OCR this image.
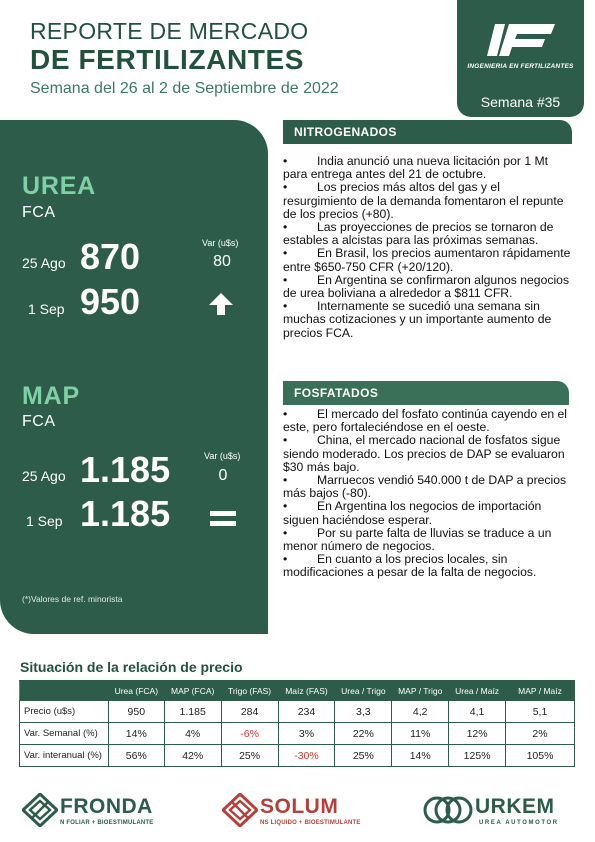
REPORTE DE MERCADO
DE FERTILIZANTES
Semana del 26 al 2 de Septiembre de 2022
INGENIERIA EN FERTILIZANTES
Semana #35
UREA
FCA
25 Ago 870	Var (u$s)
80
1 Sep 950
MAP
FCA
25 Ago 1.185	Var (u$s)
0
1 Sep 1.185
(*)Valores de ref. minorista
NITROGENADOS
• India anunció una nueva licitación por 1 Mt para entrega antes del 21 de octubre.
• Los precios más altos del gas y el resurgimiento de la demanda fomentaron el repunte de los precios (+80).
• Las proyecciones de precios se tornaron de estables a alcistas para las próximas semanas.
• En Brasil, los precios aumentaron rápidamente entre $650-750 CFR (+20/120).
• En Argentina se confirmaron algunos negocios de urea boliviana a alrededor a $811 CFR.
• Internamente se sucedió una semana sin muchas cotizaciones y un importante aumento de precios FCA.
FOSFATADOS
• El mercado del fosfato continúa cayendo en el este, pero fortaleciéndose en el oeste.
• China, el mercado nacional de fosfatos sigue siendo moderado. Los precios de DAP se evaluaron $30 más bajo.
• Marruecos vendió 540.000 t de DAP a precios más bajos (-80).
• En Argentina los negocios de importación siguen haciéndose esperar.
• Por su parte falta de lluvias se traduce a un menor número de negocios.
• En cuanto a los precios locales, sin modificaciones a pesar de la falta de negocios.
Situación de la relación de precio
	Urea (FCA)	MAP (FCA)	Trigo (FAS)	Maíz (FAS)	Urea / Trigo	MAP / Trigo	Urea / Maíz	MAP / Maíz
Precio (u$s)	950	1.185	284	234	3,3	4,2	4,1	5,1
Var. Semanal (%)	14%	4%	-6%	3%	22%	11%	12%	2%
Var. interanual (%)	56%	42%	25%	-30%	25%	14%	125%	105%
FRONDA
N FOLIAR + BIOESTIMULANTE
SOLUM
NS LIQUIDO + BIOESTIMULANTE
URKEM
UREA AUTOMOTOR
